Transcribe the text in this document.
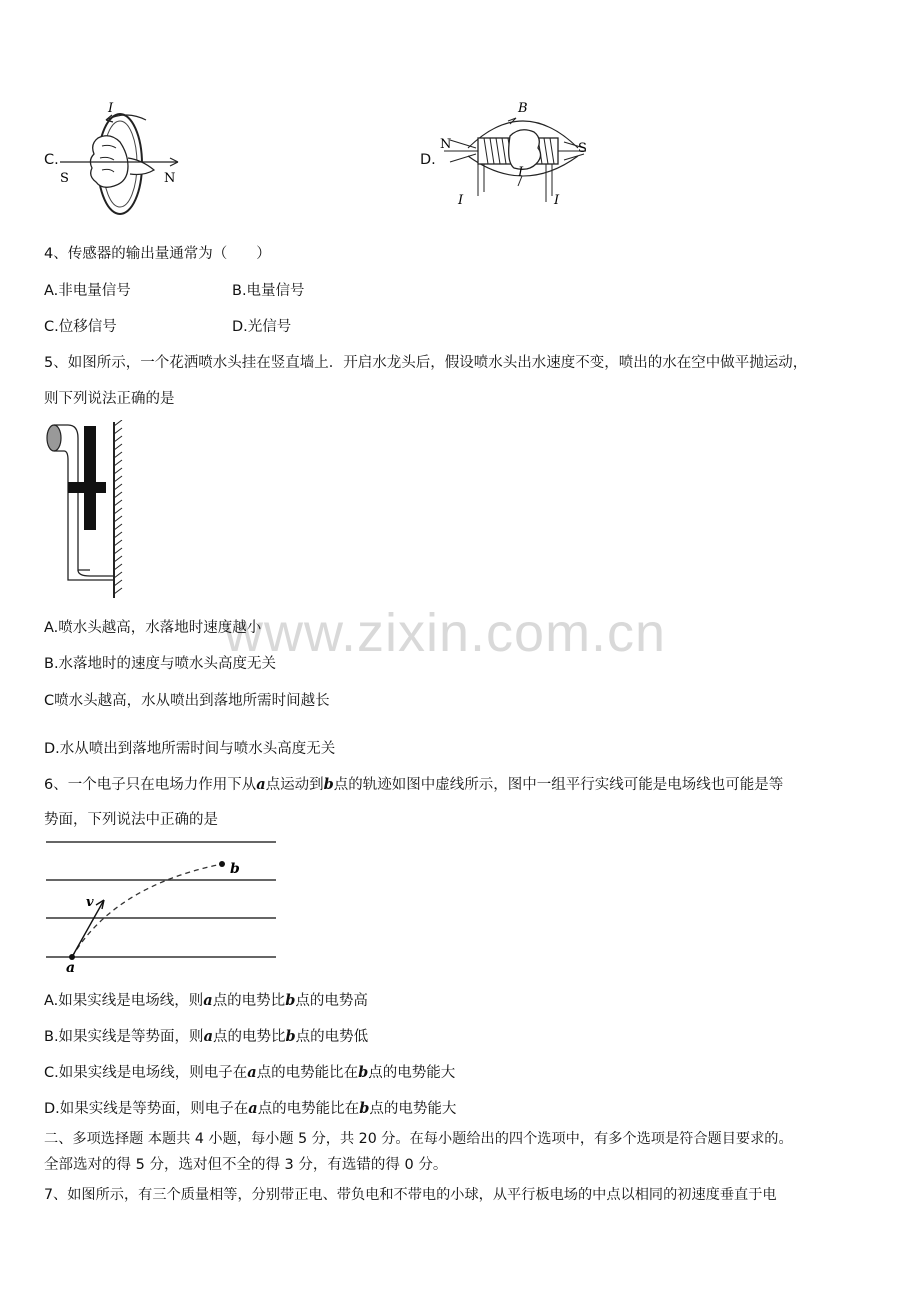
www.zixin.com.cn
C.
I
S	N
D.
B
N	S
I
I
I
4、传感器的输出量通常为（　　）
A.非电量信号	B.电量信号
C.位移信号	D.光信号
5、如图所示，一个花洒喷水头挂在竖直墙上．开启水龙头后，假设喷水头出水速度不变，喷出的水在空中做平抛运动，
则下列说法正确的是
A.喷水头越高，水落地时速度越小
B.水落地时的速度与喷水头高度无关
C喷水头越高，水从喷出到落地所需时间越长
D.水从喷出到落地所需时间与喷水头高度无关
6、一个电子只在电场力作用下从a点运动到b点的轨迹如图中虚线所示，图中一组平行实线可能是电场线也可能是等
势面，下列说法中正确的是
v
b
a
A.如果实线是电场线，则a点的电势比b点的电势高
B.如果实线是等势面，则a点的电势比b点的电势低
C.如果实线是电场线，则电子在a点的电势能比在b点的电势能大
D.如果实线是等势面，则电子在a点的电势能比在b点的电势能大
二、多项选择题 本题共 4 小题，每小题 5 分，共 20 分。在每小题给出的四个选项中，有多个选项是符合题目要求的。
全部选对的得 5 分，选对但不全的得 3 分，有选错的得 0 分。
7、如图所示，有三个质量相等，分别带正电、带负电和不带电的小球，从平行板电场的中点以相同的初速度垂直于电
